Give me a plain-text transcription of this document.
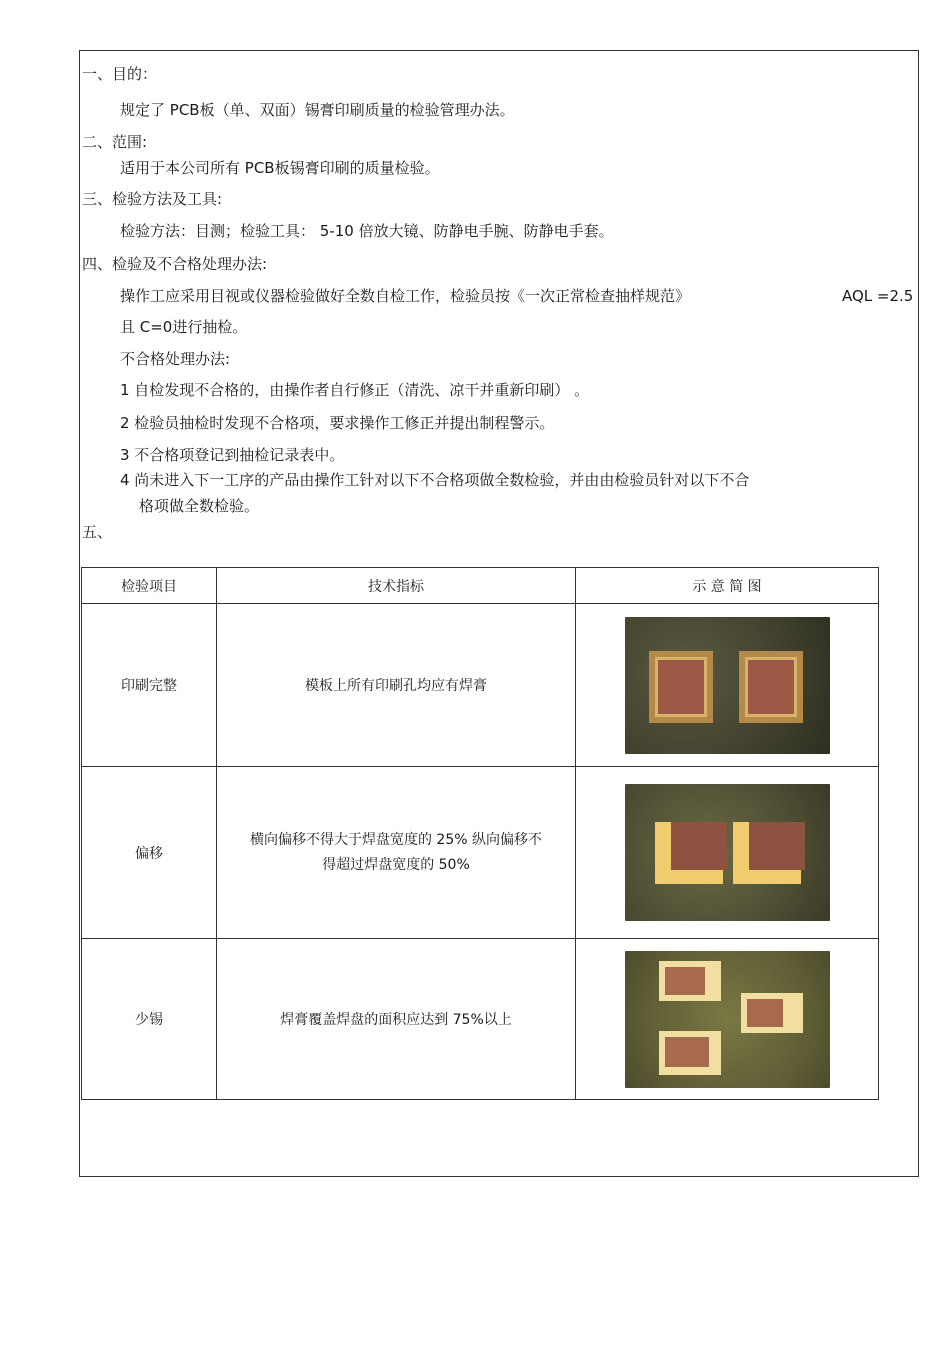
一、目的：
规定了 PCB板（单、双面）锡膏印刷质量的检验管理办法。
二、范围:
适用于本公司所有 PCB板锡膏印刷的质量检验。
三、检验方法及工具:
检验方法：目测；检验工具： 5-10 倍放大镜、防静电手腕、防静电手套。
四、检验及不合格处理办法:
操作工应采用目视或仪器检验做好全数自检工作，检验员按《一次正常检查抽样规范》	AQL =2.5
且 C=0进行抽检。
不合格处理办法:
1 自检发现不合格的，由操作者自行修正（清洗、凉干并重新印刷） 。
2 检验员抽检时发现不合格项，要求操作工修正并提出制程警示。
3 不合格项登记到抽检记录表中。
4 尚未进入下一工序的产品由操作工针对以下不合格项做全数检验，并由由检验员针对以下不合
格项做全数检验。
五、
检验项目	技术指标	示 意 简 图
印刷完整	模板上所有印刷孔均应有焊膏	

偏移	横向偏移不得大于焊盘宽度的 25% 纵向偏移不
得超过焊盘宽度的 50%	

少锡	焊膏覆盖焊盘的面积应达到 75%以上	
